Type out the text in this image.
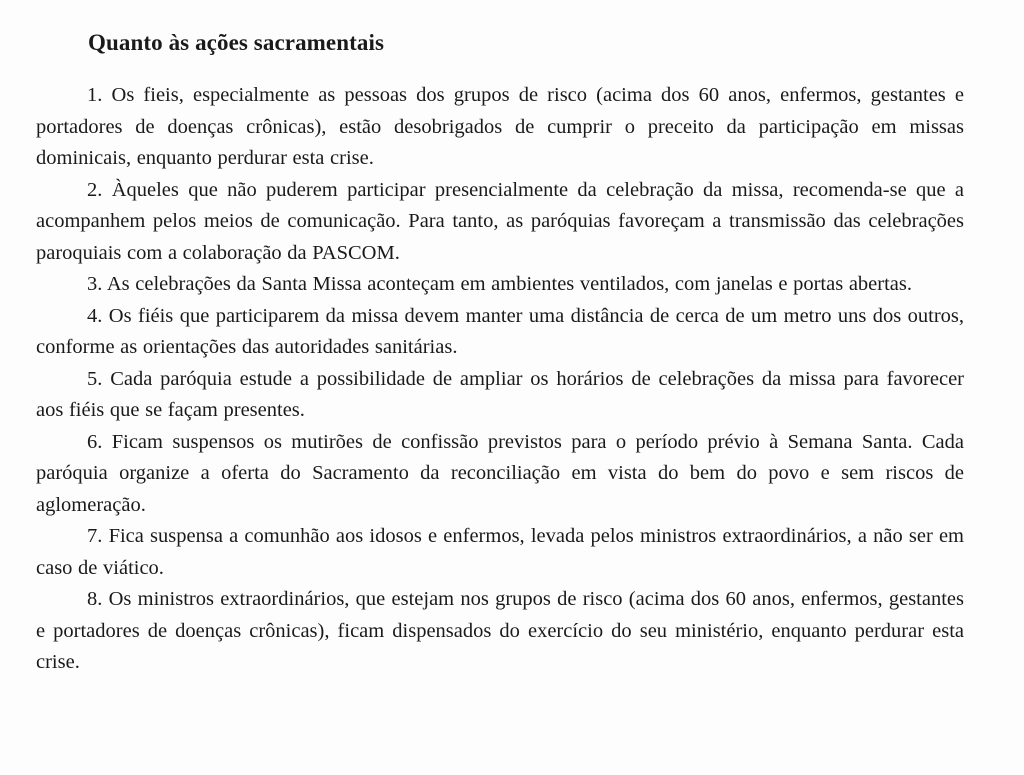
Quanto às ações sacramentais
1. Os fieis, especialmente as pessoas dos grupos de risco (acima dos 60 anos, enfermos, gestantes e portadores de doenças crônicas), estão desobrigados de cumprir o preceito da participação em missas dominicais, enquanto perdurar esta crise.
2. Àqueles que não puderem participar presencialmente da celebração da missa, recomenda-se que a acompanhem pelos meios de comunicação. Para tanto, as paróquias favoreçam a transmissão das celebrações paroquiais com a colaboração da PASCOM.
3. As celebrações da Santa Missa aconteçam em ambientes ventilados, com janelas e portas abertas.
4. Os fiéis que participarem da missa devem manter uma distância de cerca de um metro uns dos outros, conforme as orientações das autoridades sanitárias.
5. Cada paróquia estude a possibilidade de ampliar os horários de celebrações da missa para favorecer aos fiéis que se façam presentes.
6. Ficam suspensos os mutirões de confissão previstos para o período prévio à Semana Santa. Cada paróquia organize a oferta do Sacramento da reconciliação em vista do bem do povo e sem riscos de aglomeração.
7. Fica suspensa a comunhão aos idosos e enfermos, levada pelos ministros extraordinários, a não ser em caso de viático.
8. Os ministros extraordinários, que estejam nos grupos de risco (acima dos 60 anos, enfermos, gestantes e portadores de doenças crônicas), ficam dispensados do exercício do seu ministério, enquanto perdurar esta crise.
